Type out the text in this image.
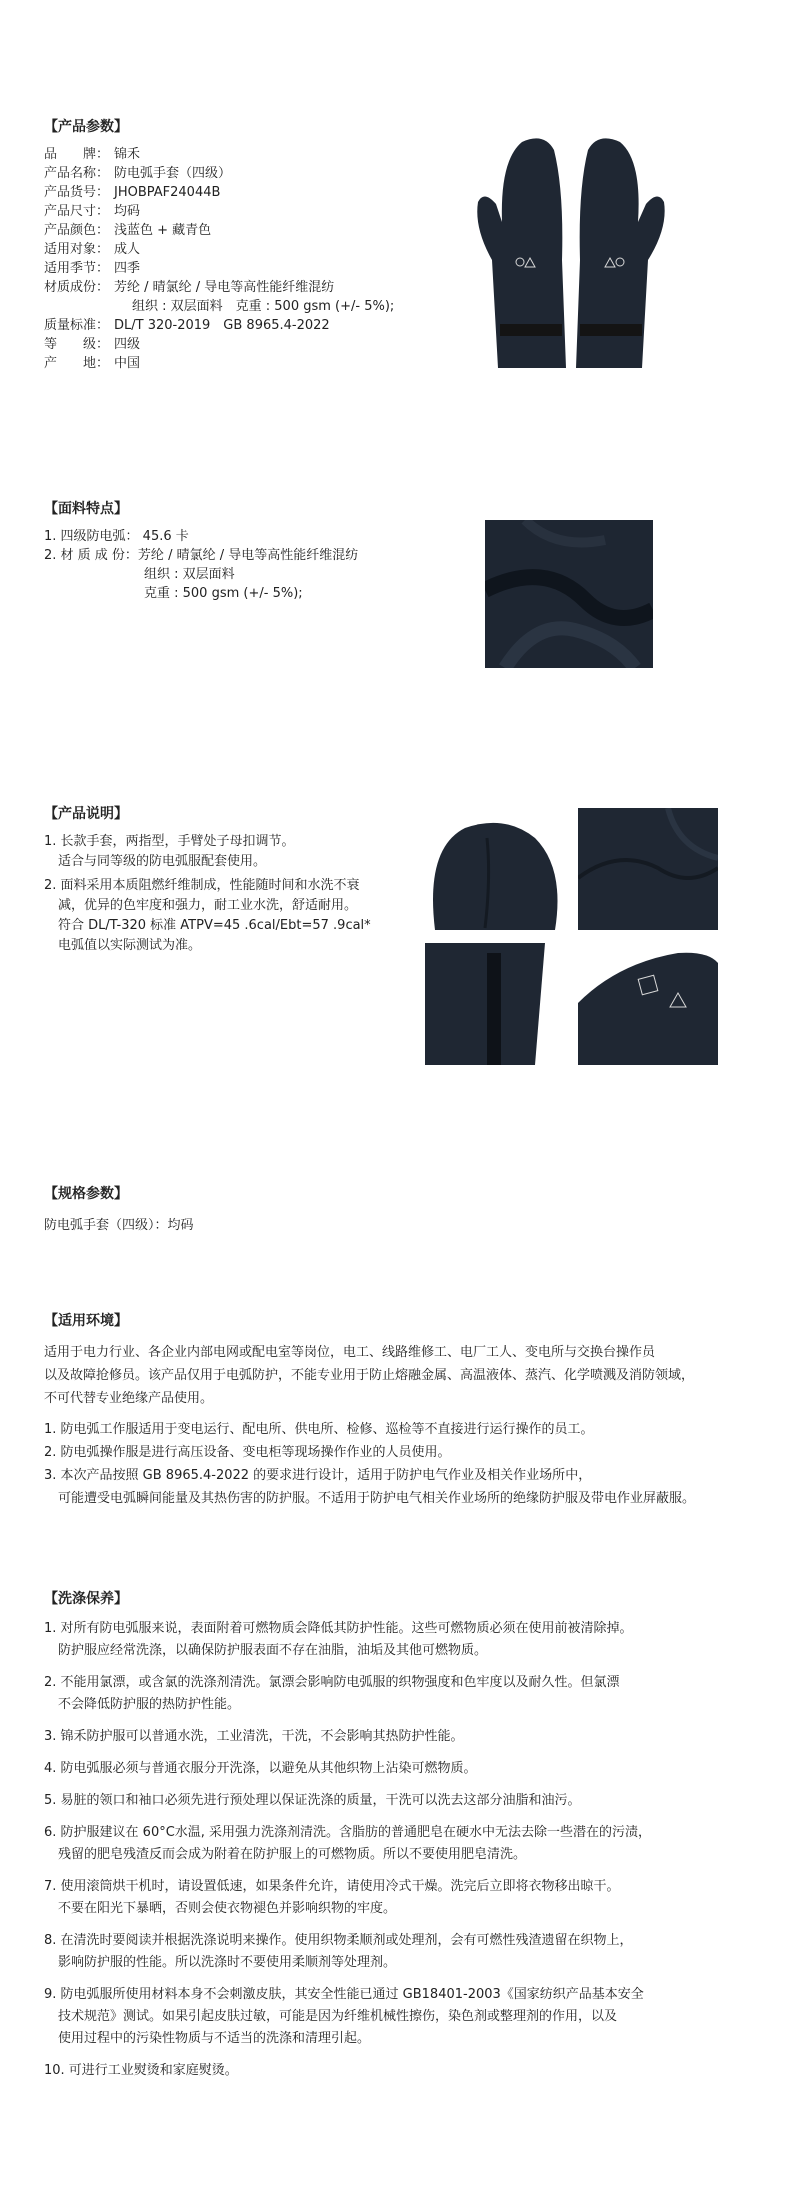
【产品参数】
品　　牌： 锦禾
产品名称： 防电弧手套（四级）
产品货号： JHOBPAF24044B
产品尺寸： 均码
产品颜色： 浅蓝色 + 藏青色
适用对象： 成人
适用季节： 四季
材质成份： 芳纶 / 晴氯纶 / 导电等高性能纤维混纺
组织 : 双层面料　克重 : 500 gsm (+/- 5%);
质量标准： DL/T 320-2019　GB 8965.4-2022
等　　级： 四级
产　　地： 中国
【面料特点】
1. 四级防电弧： 45.6 卡
2. 材 质 成 份：芳纶 / 晴氯纶 / 导电等高性能纤维混纺
组织 : 双层面料
克重 : 500 gsm (+/- 5%);
【产品说明】
1. 长款手套，两指型，手臂处子母扣调节。
适合与同等级的防电弧服配套使用。
2. 面料采用本质阻燃纤维制成，性能随时间和水洗不衰
减，优异的色牢度和强力，耐工业水洗，舒适耐用。
符合 DL/T-320 标准 ATPV=45 .6cal/Ebt=57 .9cal*
电弧值以实际测试为准。
【规格参数】
防电弧手套（四级）：均码
【适用环境】
适用于电力行业、各企业内部电网或配电室等岗位，电工、线路维修工、电厂工人、变电所与交换台操作员
以及故障抢修员。该产品仅用于电弧防护，不能专业用于防止熔融金属、高温液体、蒸汽、化学喷溅及消防领域，
不可代替专业绝缘产品使用。
1. 防电弧工作服适用于变电运行、配电所、供电所、检修、巡检等不直接进行运行操作的员工。
2. 防电弧操作服是进行高压设备、变电柜等现场操作作业的人员使用。
3. 本次产品按照 GB 8965.4-2022 的要求进行设计，适用于防护电气作业及相关作业场所中，
可能遭受电弧瞬间能量及其热伤害的防护服。不适用于防护电气相关作业场所的绝缘防护服及带电作业屏蔽服。
【洗涤保养】
1. 对所有防电弧服来说，表面附着可燃物质会降低其防护性能。这些可燃物质必须在使用前被清除掉。
防护服应经常洗涤，以确保防护服表面不存在油脂，油垢及其他可燃物质。
2. 不能用氯漂，或含氯的洗涤剂清洗。氯漂会影响防电弧服的织物强度和色牢度以及耐久性。但氯漂
不会降低防护服的热防护性能。
3. 锦禾防护服可以普通水洗，工业清洗，干洗，不会影响其热防护性能。
4. 防电弧服必须与普通衣服分开洗涤，以避免从其他织物上沾染可燃物质。
5. 易脏的领口和袖口必须先进行预处理以保证洗涤的质量，干洗可以洗去这部分油脂和油污。
6. 防护服建议在 60°C水温, 采用强力洗涤剂清洗。含脂肪的普通肥皂在硬水中无法去除一些潜在的污渍，
残留的肥皂残渣反而会成为附着在防护服上的可燃物质。所以不要使用肥皂清洗。
7. 使用滚筒烘干机时，请设置低速，如果条件允许，请使用冷式干燥。洗完后立即将衣物移出晾干。
不要在阳光下暴晒，否则会使衣物褪色并影响织物的牢度。
8. 在清洗时要阅读并根据洗涤说明来操作。使用织物柔顺剂或处理剂，会有可燃性残渣遗留在织物上，
影响防护服的性能。所以洗涤时不要使用柔顺剂等处理剂。
9. 防电弧服所使用材料本身不会刺激皮肤，其安全性能已通过 GB18401-2003《国家纺织产品基本安全
技术规范》测试。如果引起皮肤过敏，可能是因为纤维机械性擦伤，染色剂或整理剂的作用，以及
使用过程中的污染性物质与不适当的洗涤和清理引起。
10. 可进行工业熨烫和家庭熨烫。
